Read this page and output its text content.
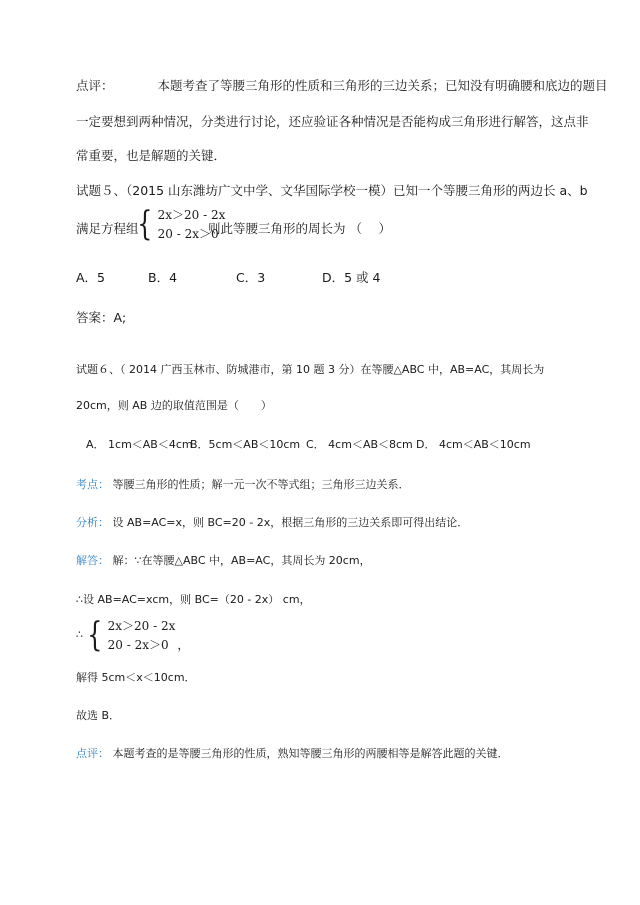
点评：	本题考查了等腰三角形的性质和三角形的三边关系；已知没有明确腰和底边的题目
一定要想到两种情况，分类进行讨论，还应验证各种情况是否能构成三角形进行解答，这点非
常重要，也是解题的关键．
试题５、（2015 山东潍坊广文中学、文华国际学校一模）已知一个等腰三角形的两边长 a、b
满足方程组
{ 2x＞20 - 2x
20 - 2x＞0
则此等腰三角形的周长为 （　 ）
A．5	B．4	C．3	D．5 或 4
答案：A;
试题６、（ 2014 广西玉林市、防城港市，第 10 题 3 分）在等腰△ABC 中，AB=AC，其周长为
20cm，则 AB 边的取值范围是（　　）
A． 1cm＜AB＜4cm
B．5cm＜AB＜10cm C． 4cm＜AB＜8cm D． 4cm＜AB＜10cm
考点： 等腰三角形的性质；解一元一次不等式组；三角形三边关系．
分析： 设 AB=AC=x，则 BC=20 - 2x，根据三角形的三边关系即可得出结论．
解答： 解：∵在等腰△ABC 中，AB=AC，其周长为 20cm，
∴设 AB=AC=xcm，则 BC=（20 - 2x） cm，
∴ { 2x＞20 - 2x
20 - 2x＞0 ，
解得 5cm＜x＜10cm．
故选 B．
点评： 本题考查的是等腰三角形的性质，熟知等腰三角形的两腰相等是解答此题的关键．
